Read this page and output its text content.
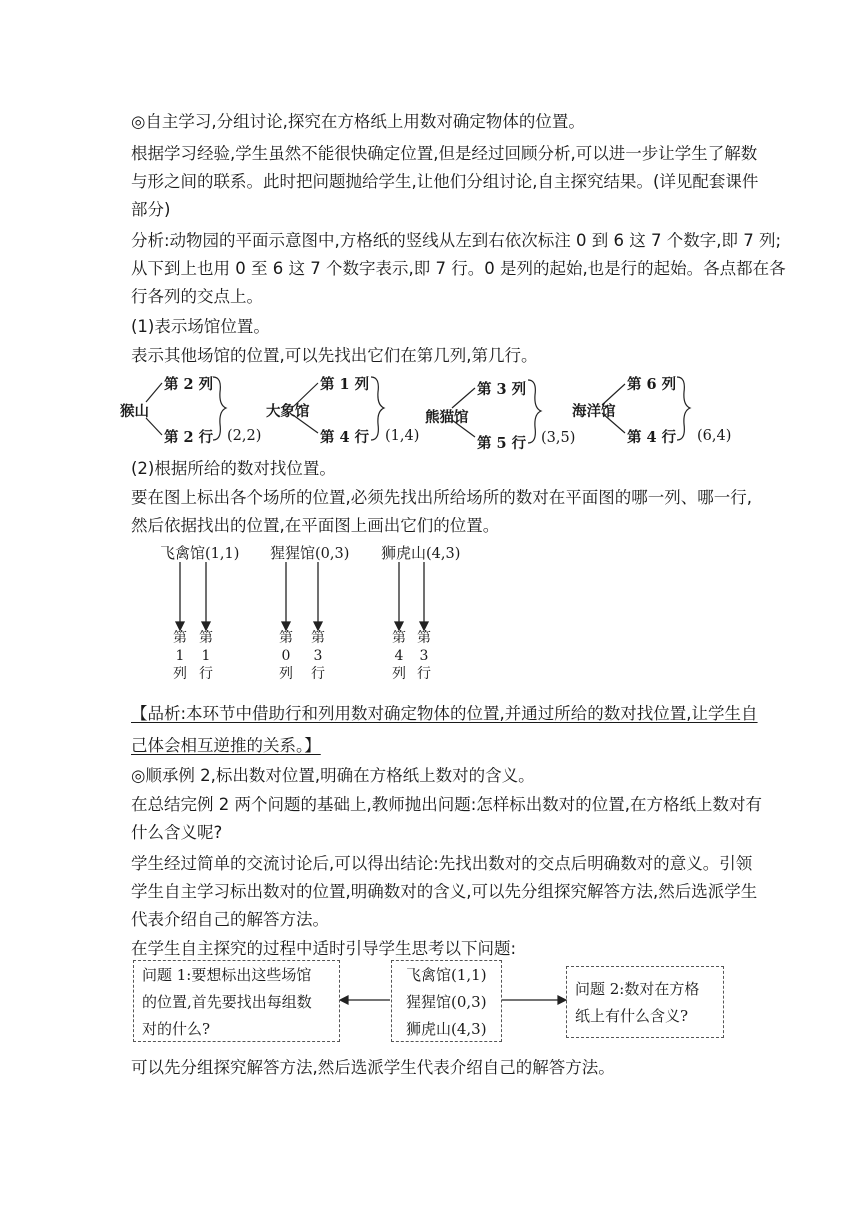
◎自主学习,分组讨论,探究在方格纸上用数对确定物体的位置。

根据学习经验,学生虽然不能很快确定位置,但是经过回顾分析,可以进一步让学生了解数

与形之间的联系。此时把问题抛给学生,让他们分组讨论,自主探究结果。(详见配套课件

部分)

分析:动物园的平面示意图中,方格纸的竖线从左到右依次标注 0 到 6 这 7 个数字,即 7 列;

从下到上也用 0 至 6 这 7 个数字表示,即 7 行。0 是列的起始,也是行的起始。各点都在各

行各列的交点上。

(1)表示场馆位置。

表示其他场馆的位置,可以先找出它们在第几列,第几行。

猴山
第 2 列
第 2 行 (2,2)
大象馆
第 1 列
第 4 行 (1,4)
熊猫馆
第 3 列
第 5 行 (3,5)
海洋馆
第 6 列
第 4 行 (6,4)

(2)根据所给的数对找位置。

要在图上标出各个场所的位置,必须先找出所给场所的数对在平面图的哪一列、哪一行,

然后依据找出的位置,在平面图上画出它们的位置。

飞禽馆(1,1) 猩猩馆(0,3) 狮虎山(4,3)
第
1
列
第
1
行
第
0
列
第
3
行
第
4
列
第
3
行

【品析:本环节中借助行和列用数对确定物体的位置,并通过所给的数对找位置,让学生自

己体会相互逆推的关系。】

◎顺承例 2,标出数对位置,明确在方格纸上数对的含义。

在总结完例 2 两个问题的基础上,教师抛出问题:怎样标出数对的位置,在方格纸上数对有

什么含义呢?

学生经过简单的交流讨论后,可以得出结论:先找出数对的交点后明确数对的意义。引领

学生自主学习标出数对的位置,明确数对的含义,可以先分组探究解答方法,然后选派学生

代表介绍自己的解答方法。

在学生自主探究的过程中适时引导学生思考以下问题:

问题 1:要想标出这些场馆
的位置,首先要找出每组数
对的什么?
飞禽馆(1,1)
猩猩馆(0,3)
狮虎山(4,3)
问题 2:数对在方格
纸上有什么含义?

可以先分组探究解答方法,然后选派学生代表介绍自己的解答方法。
